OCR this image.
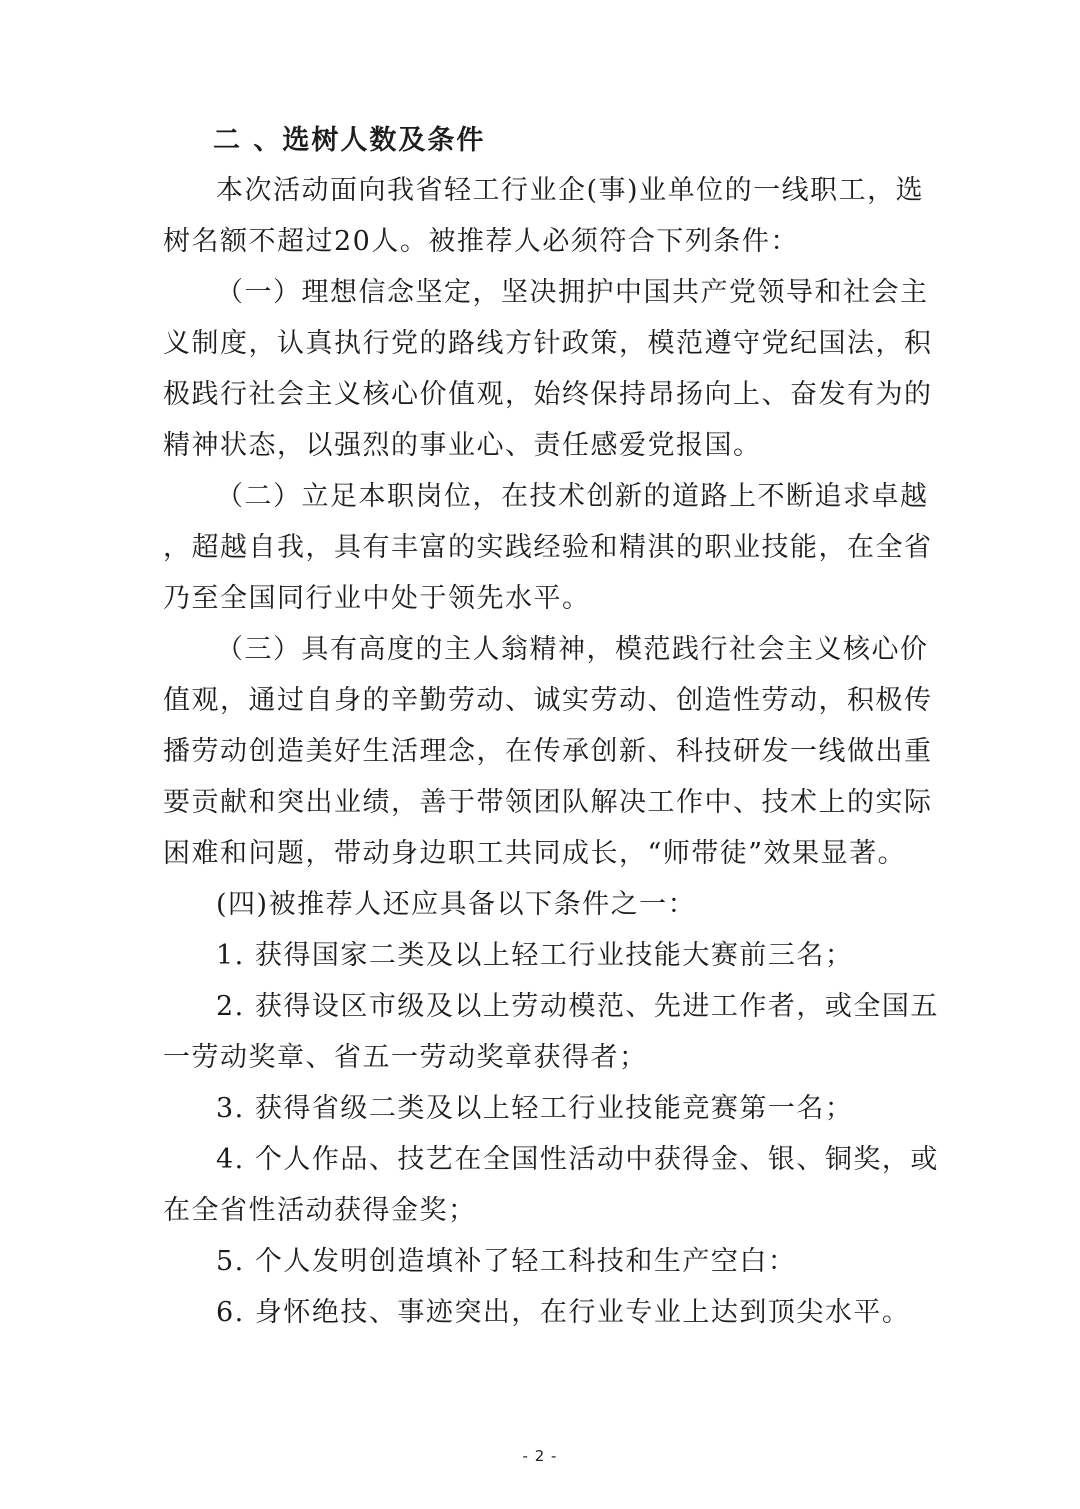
二 、选树人数及条件
本次活动面向我省轻工行业企(事)业单位的一线职工，选
树名额不超过20人。被推荐人必须符合下列条件：
（一）理想信念坚定，坚决拥护中国共产党领导和社会主
义制度，认真执行党的路线方针政策，模范遵守党纪国法，积
极践行社会主义核心价值观，始终保持昂扬向上、奋发有为的
精神状态，以强烈的事业心、责任感爱党报国。
（二）立足本职岗位，在技术创新的道路上不断追求卓越
，超越自我，具有丰富的实践经验和精淇的职业技能，在全省
乃至全国同行业中处于领先水平。
（三）具有高度的主人翁精神，模范践行社会主义核心价
值观，通过自身的辛勤劳动、诚实劳动、创造性劳动，积极传
播劳动创造美好生活理念，在传承创新、科技研发一线做出重
要贡献和突出业绩，善于带领团队解决工作中、技术上的实际
困难和问题，带动身边职工共同成长，“师带徒”效果显著。
(四)被推荐人还应具备以下条件之一：
1. 获得国家二类及以上轻工行业技能大赛前三名；
2. 获得设区市级及以上劳动模范、先进工作者，或全国五
一劳动奖章、省五一劳动奖章获得者；
3. 获得省级二类及以上轻工行业技能竞赛第一名；
4. 个人作品、技艺在全国性活动中获得金、银、铜奖，或
在全省性活动获得金奖；
5. 个人发明创造填补了轻工科技和生产空白：
6. 身怀绝技、事迹突出，在行业专业上达到顶尖水平。
- 2 -
